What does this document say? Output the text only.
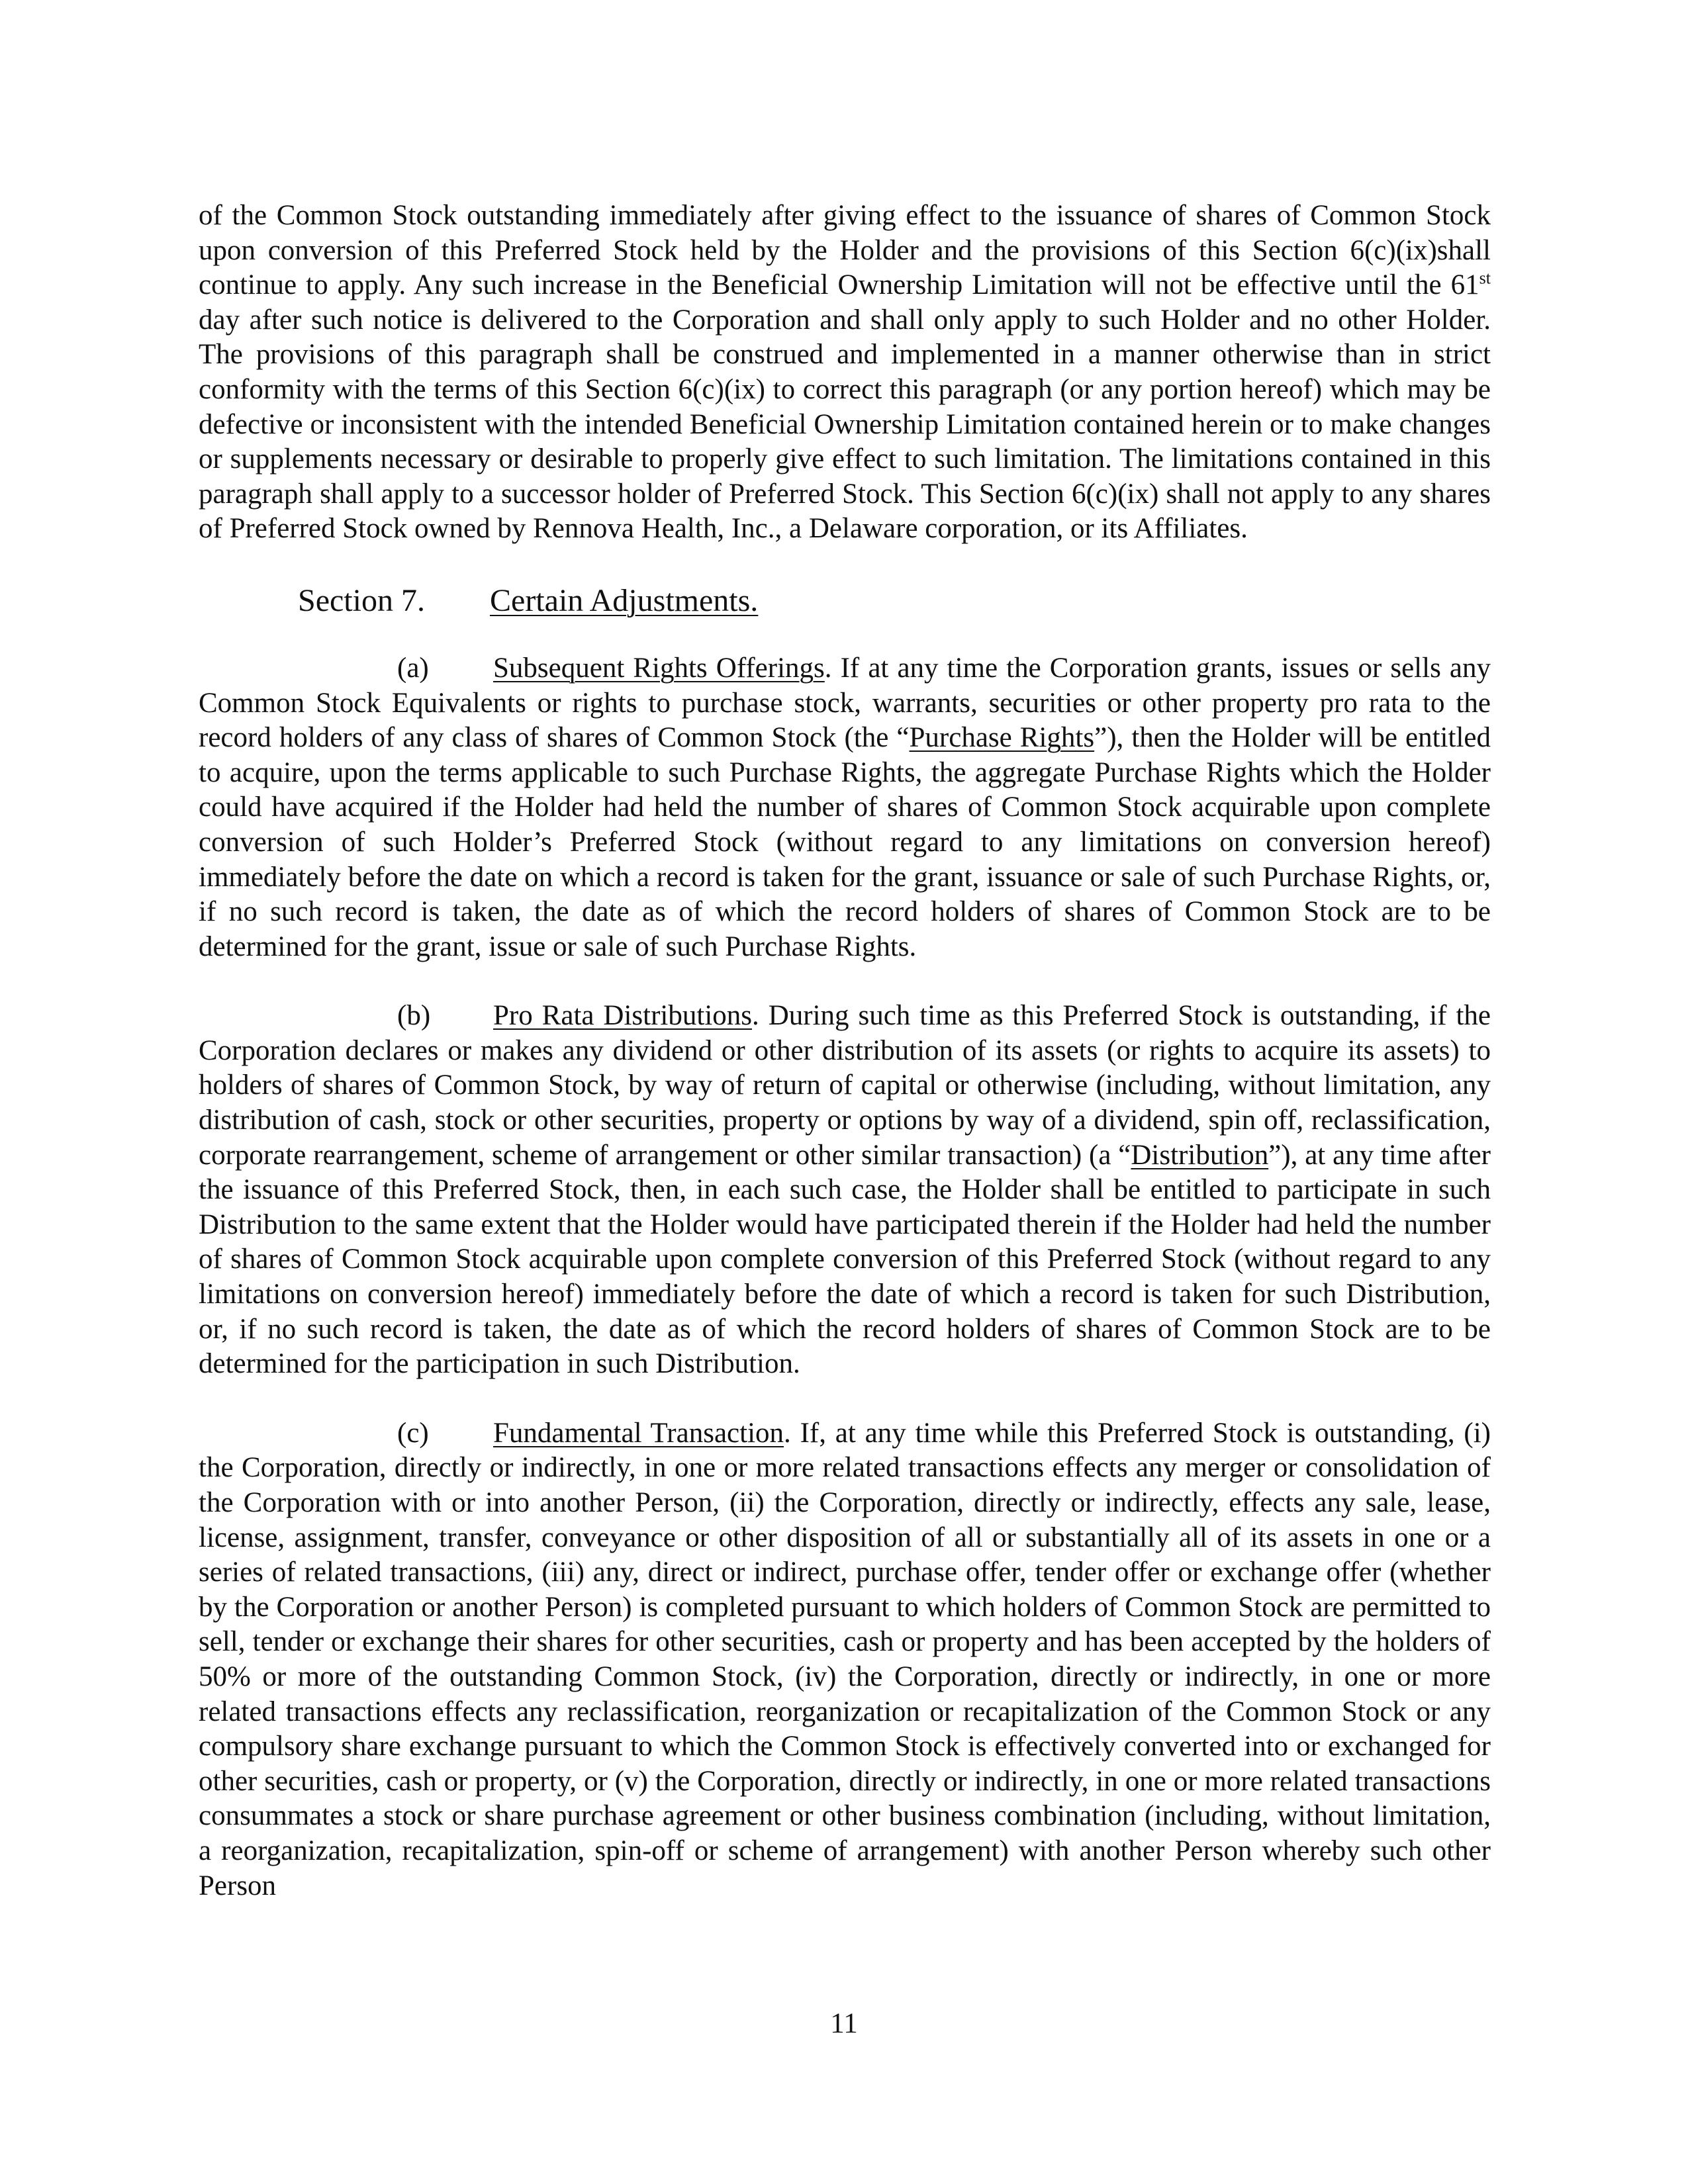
of the Common Stock outstanding immediately after giving effect to the issuance of shares of Common Stock upon conversion of this Preferred Stock held by the Holder and the provisions of this Section 6(c)(ix)shall continue to apply. Any such increase in the Beneficial Ownership Limitation will not be effective until the 61st day after such notice is delivered to the Corporation and shall only apply to such Holder and no other Holder. The provisions of this paragraph shall be construed and implemented in a manner otherwise than in strict conformity with the terms of this Section 6(c)(ix) to correct this paragraph (or any portion hereof) which may be defective or inconsistent with the intended Beneficial Ownership Limitation contained herein or to make changes or supplements necessary or desirable to properly give effect to such limitation. The limitations contained in this paragraph shall apply to a successor holder of Preferred Stock. This Section 6(c)(ix) shall not apply to any shares of Preferred Stock owned by Rennova Health, Inc., a Delaware corporation, or its Affiliates.

Section 7. Certain Adjustments.

(a) Subsequent Rights Offerings. If at any time the Corporation grants, issues or sells any Common Stock Equivalents or rights to purchase stock, warrants, securities or other property pro rata to the record holders of any class of shares of Common Stock (the “Purchase Rights”), then the Holder will be entitled to acquire, upon the terms applicable to such Purchase Rights, the aggregate Purchase Rights which the Holder could have acquired if the Holder had held the number of shares of Common Stock acquirable upon complete conversion of such Holder’s Preferred Stock (without regard to any limitations on conversion hereof) immediately before the date on which a record is taken for the grant, issuance or sale of such Purchase Rights, or, if no such record is taken, the date as of which the record holders of shares of Common Stock are to be determined for the grant, issue or sale of such Purchase Rights.

(b) Pro Rata Distributions. During such time as this Preferred Stock is outstanding, if the Corporation declares or makes any dividend or other distribution of its assets (or rights to acquire its assets) to holders of shares of Common Stock, by way of return of capital or otherwise (including, without limitation, any distribution of cash, stock or other securities, property or options by way of a dividend, spin off, reclassification, corporate rearrangement, scheme of arrangement or other similar transaction) (a “Distribution”), at any time after the issuance of this Preferred Stock, then, in each such case, the Holder shall be entitled to participate in such Distribution to the same extent that the Holder would have participated therein if the Holder had held the number of shares of Common Stock acquirable upon complete conversion of this Preferred Stock (without regard to any limitations on conversion hereof) immediately before the date of which a record is taken for such Distribution, or, if no such record is taken, the date as of which the record holders of shares of Common Stock are to be determined for the participation in such Distribution.

(c) Fundamental Transaction. If, at any time while this Preferred Stock is outstanding, (i) the Corporation, directly or indirectly, in one or more related transactions effects any merger or consolidation of the Corporation with or into another Person, (ii) the Corporation, directly or indirectly, effects any sale, lease, license, assignment, transfer, conveyance or other disposition of all or substantially all of its assets in one or a series of related transactions, (iii) any, direct or indirect, purchase offer, tender offer or exchange offer (whether by the Corporation or another Person) is completed pursuant to which holders of Common Stock are permitted to sell, tender or exchange their shares for other securities, cash or property and has been accepted by the holders of 50% or more of the outstanding Common Stock, (iv) the Corporation, directly or indirectly, in one or more related transactions effects any reclassification, reorganization or recapitalization of the Common Stock or any compulsory share exchange pursuant to which the Common Stock is effectively converted into or exchanged for other securities, cash or property, or (v) the Corporation, directly or indirectly, in one or more related transactions consummates a stock or share purchase agreement or other business combination (including, without limitation, a reorganization, recapitalization, spin-off or scheme of arrangement) with another Person whereby such other Person

11
